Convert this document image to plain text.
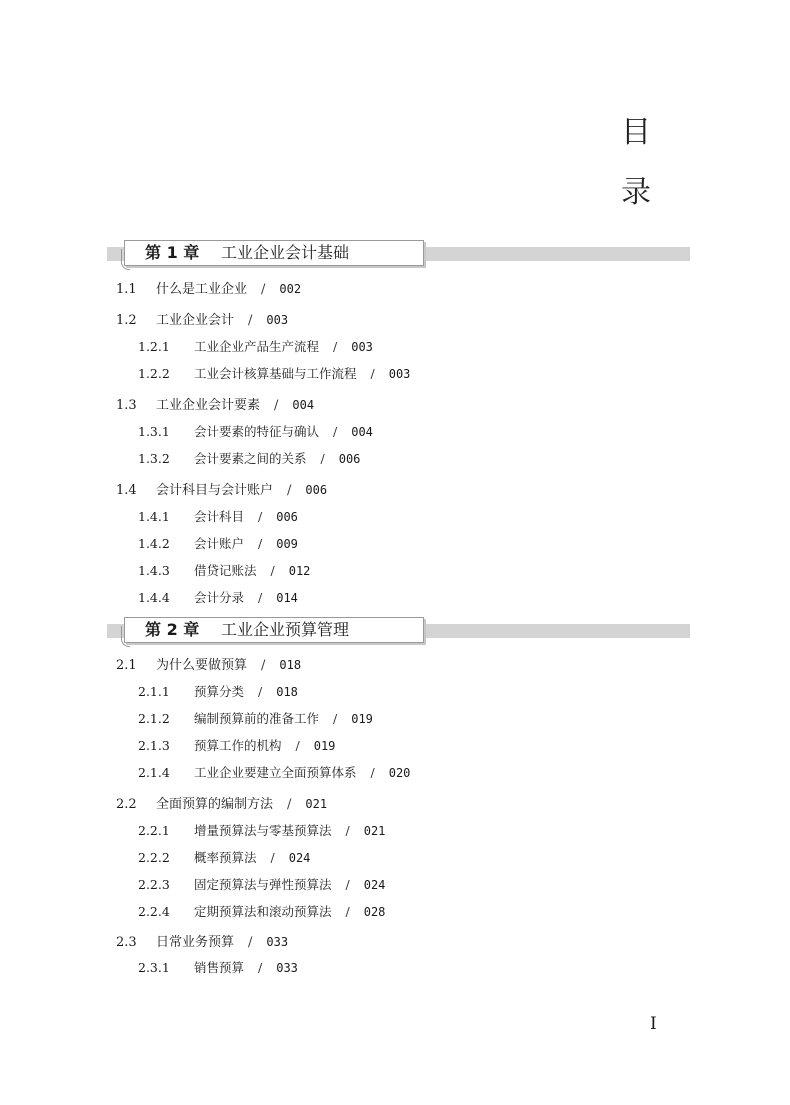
目
录
第 1 章 工业企业会计基础
1.1 什么是工业企业 / 002
1.2 工业企业会计 / 003
1.2.1 工业企业产品生产流程 / 003
1.2.2 工业会计核算基础与工作流程 / 003
1.3 工业企业会计要素 / 004
1.3.1 会计要素的特征与确认 / 004
1.3.2 会计要素之间的关系 / 006
1.4 会计科目与会计账户 / 006
1.4.1 会计科目 / 006
1.4.2 会计账户 / 009
1.4.3 借贷记账法 / 012
1.4.4 会计分录 / 014
第 2 章 工业企业预算管理
2.1 为什么要做预算 / 018
2.1.1 预算分类 / 018
2.1.2 编制预算前的准备工作 / 019
2.1.3 预算工作的机构 / 019
2.1.4 工业企业要建立全面预算体系 / 020
2.2 全面预算的编制方法 / 021
2.2.1 增量预算法与零基预算法 / 021
2.2.2 概率预算法 / 024
2.2.3 固定预算法与弹性预算法 / 024
2.2.4 定期预算法和滚动预算法 / 028
2.3 日常业务预算 / 033
2.3.1 销售预算 / 033
I
